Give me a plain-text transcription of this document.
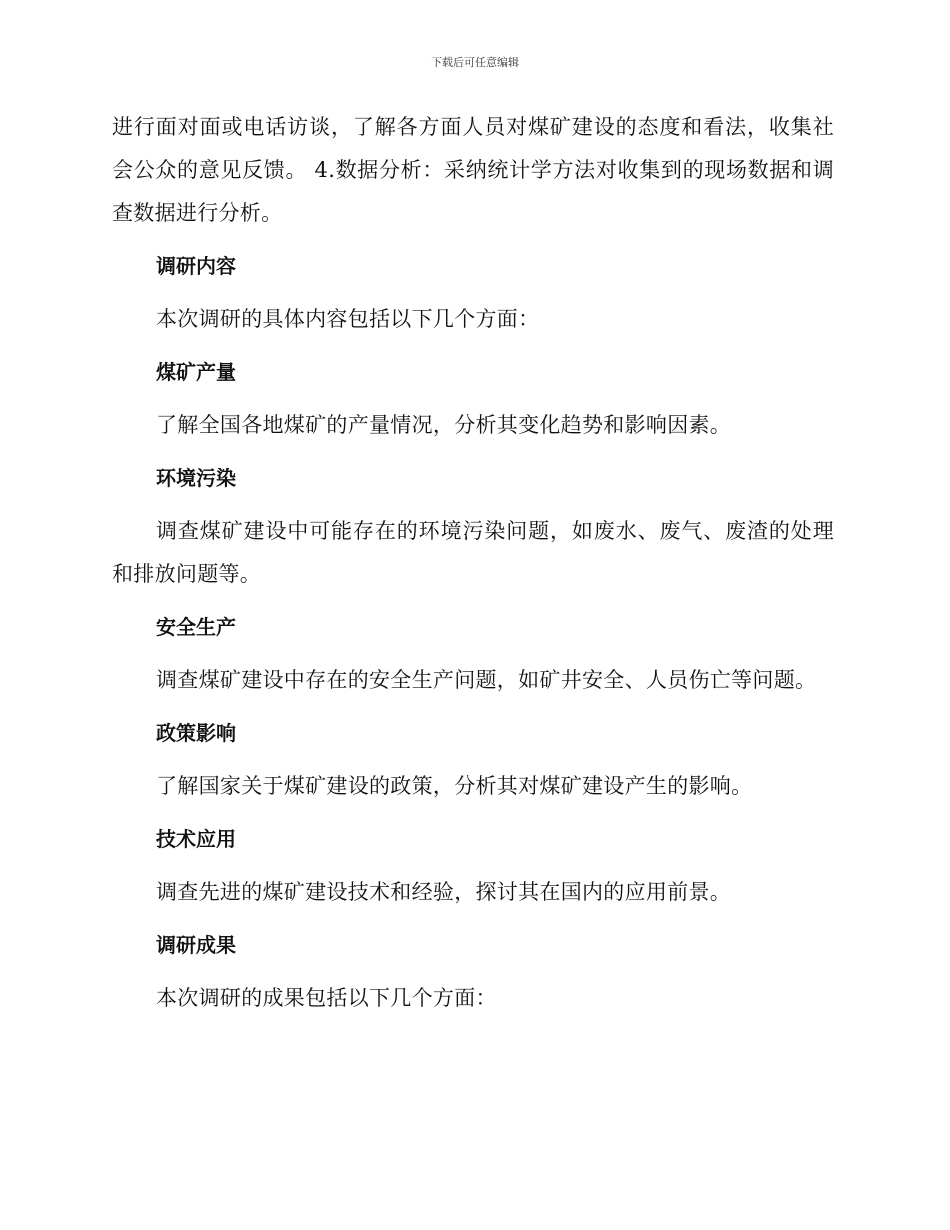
下载后可任意编辑

进行面对面或电话访谈，了解各方面人员对煤矿建设的态度和看法，收集社会公众的意见反馈。 4.数据分析：采纳统计学方法对收集到的现场数据和调查数据进行分析。

调研内容

本次调研的具体内容包括以下几个方面：

煤矿产量

了解全国各地煤矿的产量情况，分析其变化趋势和影响因素。

环境污染

调查煤矿建设中可能存在的环境污染问题，如废水、废气、废渣的处理和排放问题等。

安全生产

调查煤矿建设中存在的安全生产问题，如矿井安全、人员伤亡等问题。

政策影响

了解国家关于煤矿建设的政策，分析其对煤矿建设产生的影响。

技术应用

调查先进的煤矿建设技术和经验，探讨其在国内的应用前景。

调研成果

本次调研的成果包括以下几个方面：
